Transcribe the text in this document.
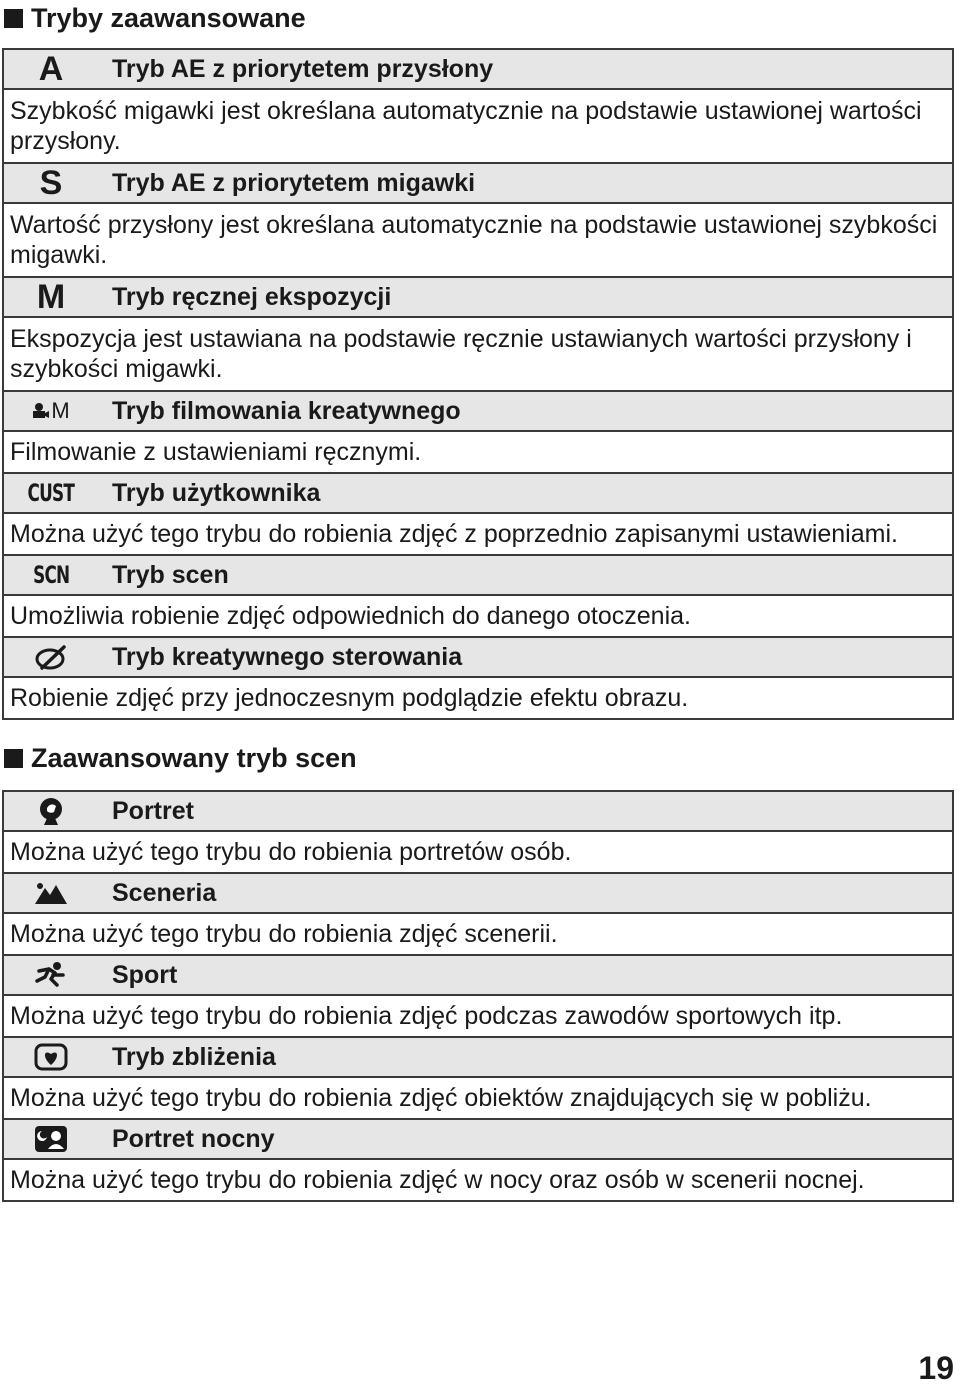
Tryby zaawansowane
A	Tryb AE z priorytetem przysłony

Szybkość migawki jest określana automatycznie na podstawie ustawionej wartości przysłony.

S	Tryb AE z priorytetem migawki

Wartość przysłony jest określana automatycznie na podstawie ustawionej szybkości migawki.

M	Tryb ręcznej ekspozycji

Ekspozycja jest ustawiana na podstawie ręcznie ustawianych wartości przysłony i szybkości migawki.

M	Tryb filmowania kreatywnego

Filmowanie z ustawieniami ręcznymi.

CUST	Tryb użytkownika

Można użyć tego trybu do robienia zdjęć z poprzednio zapisanymi ustawieniami.

SCN	Tryb scen

Umożliwia robienie zdjęć odpowiednich do danego otoczenia.

Tryb kreatywnego sterowania

Robienie zdjęć przy jednoczesnym podglądzie efektu obrazu.
Zaawansowany tryb scen
Portret

Można użyć tego trybu do robienia portretów osób.

Sceneria

Można użyć tego trybu do robienia zdjęć scenerii.

Sport

Można użyć tego trybu do robienia zdjęć podczas zawodów sportowych itp.

Tryb zbliżenia

Można użyć tego trybu do robienia zdjęć obiektów znajdujących się w pobliżu.

Portret nocny

Można użyć tego trybu do robienia zdjęć w nocy oraz osób w scenerii nocnej.
19
